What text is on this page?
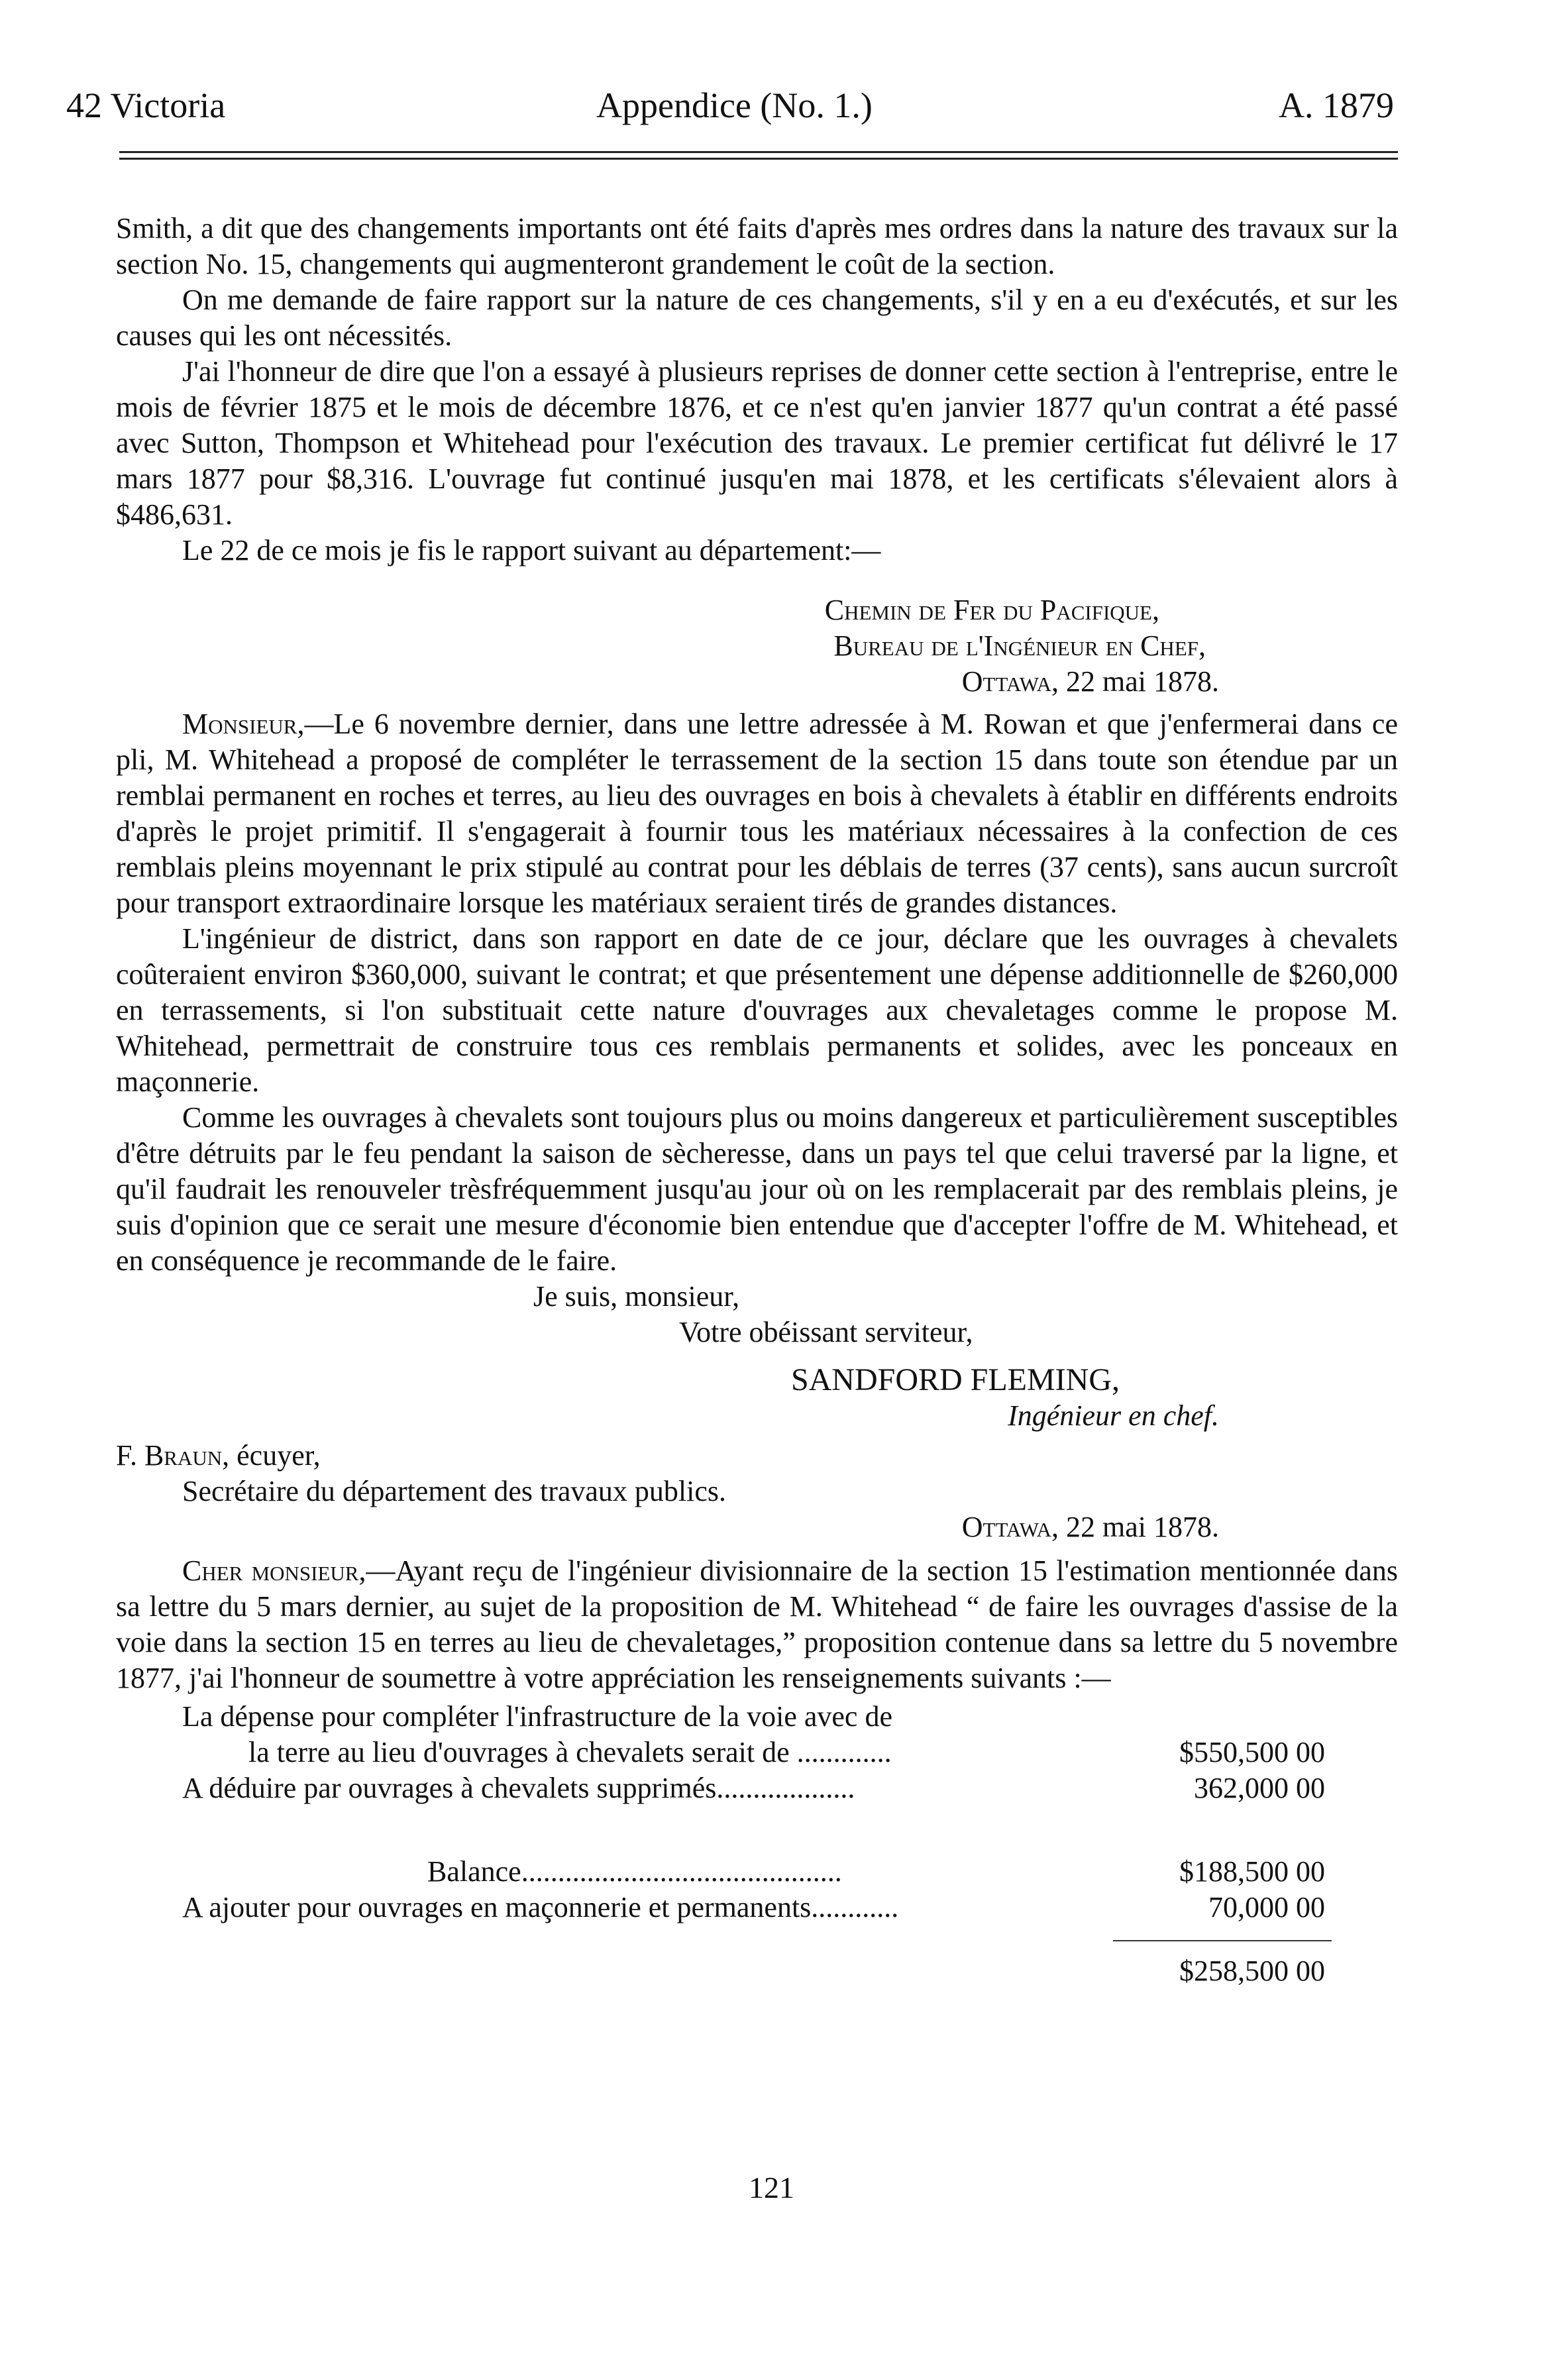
42 Victoria	Appendice (No. 1.)	A. 1879

Smith, a dit que des changements importants ont été faits d'après mes ordres dans la nature des travaux sur la section No. 15, changements qui augmenteront grandement le coût de la section.

On me demande de faire rapport sur la nature de ces changements, s'il y en a eu d'exécutés, et sur les causes qui les ont nécessités.

J'ai l'honneur de dire que l'on a essayé à plusieurs reprises de donner cette section à l'entreprise, entre le mois de février 1875 et le mois de décembre 1876, et ce n'est qu'en janvier 1877 qu'un contrat a été passé avec Sutton, Thompson et Whitehead pour l'exécution des travaux. Le premier certificat fut délivré le 17 mars 1877 pour $8,316. L'ouvrage fut continué jusqu'en mai 1878, et les certificats s'élevaient alors à $486,631.

Le 22 de ce mois je fis le rapport suivant au département:—

Chemin de Fer du Pacifique,

Bureau de l'Ingénieur en Chef,

Ottawa, 22 mai 1878.

Monsieur,—Le 6 novembre dernier, dans une lettre adressée à M. Rowan et que j'enfermerai dans ce pli, M. Whitehead a proposé de compléter le terrassement de la section 15 dans toute son étendue par un remblai permanent en roches et terres, au lieu des ouvrages en bois à chevalets à établir en différents endroits d'après le projet primitif. Il s'engagerait à fournir tous les matériaux nécessaires à la confection de ces remblais pleins moyennant le prix stipulé au contrat pour les déblais de terres (37 cents), sans aucun surcroît pour transport extraordinaire lorsque les matériaux seraient tirés de grandes distances.

L'ingénieur de district, dans son rapport en date de ce jour, déclare que les ouvrages à chevalets coûteraient environ $360,000, suivant le contrat; et que présentement une dépense additionnelle de $260,000 en terrassements, si l'on substituait cette nature d'ouvrages aux chevaletages comme le propose M. Whitehead, permettrait de construire tous ces remblais permanents et solides, avec les ponceaux en maçonnerie.

Comme les ouvrages à chevalets sont toujours plus ou moins dangereux et particulièrement susceptibles d'être détruits par le feu pendant la saison de sècheresse, dans un pays tel que celui traversé par la ligne, et qu'il faudrait les renouveler trèsfréquemment jusqu'au jour où on les remplacerait par des remblais pleins, je suis d'opinion que ce serait une mesure d'économie bien entendue que d'accepter l'offre de M. Whitehead, et en conséquence je recommande de le faire.

Je suis, monsieur,

Votre obéissant serviteur,

SANDFORD FLEMING,

Ingénieur en chef.

F. Braun, écuyer,

Secrétaire du département des travaux publics.

Ottawa, 22 mai 1878.

Cher monsieur,—Ayant reçu de l'ingénieur divisionnaire de la section 15 l'estimation mentionnée dans sa lettre du 5 mars dernier, au sujet de la proposition de M. Whitehead “ de faire les ouvrages d'assise de la voie dans la section 15 en terres au lieu de chevaletages,” proposition contenue dans sa lettre du 5 novembre 1877, j'ai l'honneur de soumettre à votre appréciation les renseignements suivants :—

La dépense pour compléter l'infrastructure de la voie avec de
la terre au lieu d'ouvrages à chevalets serait de .............	$550,500 00
A déduire par ouvrages à chevalets supprimés...................	362,000 00
Balance............................................	$188,500 00
A ajouter pour ouvrages en maçonnerie et permanents............	70,000 00
$258,500 00
121
